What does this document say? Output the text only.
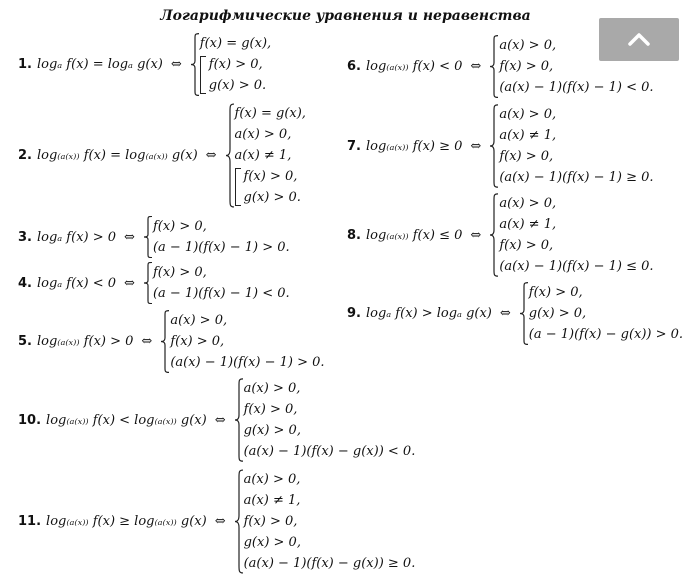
Логарифмические уравнения и неравенства
1. logₐ f(x) = logₐ g(x) ⇔
f(x) = g(x),
f(x) > 0,
g(x) > 0.
2. log₍ₐ₍ₓ₎₎ f(x) = log₍ₐ₍ₓ₎₎ g(x) ⇔
f(x) = g(x),
a(x) > 0,
a(x) ≠ 1,
f(x) > 0,
g(x) > 0.
3. logₐ f(x) > 0 ⇔
f(x) > 0,
(a − 1)(f(x) − 1) > 0.
4. logₐ f(x) < 0 ⇔
f(x) > 0,
(a − 1)(f(x) − 1) < 0.
5. log₍ₐ₍ₓ₎₎ f(x) > 0 ⇔
a(x) > 0,
f(x) > 0,
(a(x) − 1)(f(x) − 1) > 0.
6. log₍ₐ₍ₓ₎₎ f(x) < 0 ⇔
a(x) > 0,
f(x) > 0,
(a(x) − 1)(f(x) − 1) < 0.
7. log₍ₐ₍ₓ₎₎ f(x) ≥ 0 ⇔
a(x) > 0,
a(x) ≠ 1,
f(x) > 0,
(a(x) − 1)(f(x) − 1) ≥ 0.
8. log₍ₐ₍ₓ₎₎ f(x) ≤ 0 ⇔
a(x) > 0,
a(x) ≠ 1,
f(x) > 0,
(a(x) − 1)(f(x) − 1) ≤ 0.
9. logₐ f(x) > logₐ g(x) ⇔
f(x) > 0,
g(x) > 0,
(a − 1)(f(x) − g(x)) > 0.
10. log₍ₐ₍ₓ₎₎ f(x) < log₍ₐ₍ₓ₎₎ g(x) ⇔
a(x) > 0,
f(x) > 0,
g(x) > 0,
(a(x) − 1)(f(x) − g(x)) < 0.
11. log₍ₐ₍ₓ₎₎ f(x) ≥ log₍ₐ₍ₓ₎₎ g(x) ⇔
a(x) > 0,
a(x) ≠ 1,
f(x) > 0,
g(x) > 0,
(a(x) − 1)(f(x) − g(x)) ≥ 0.
